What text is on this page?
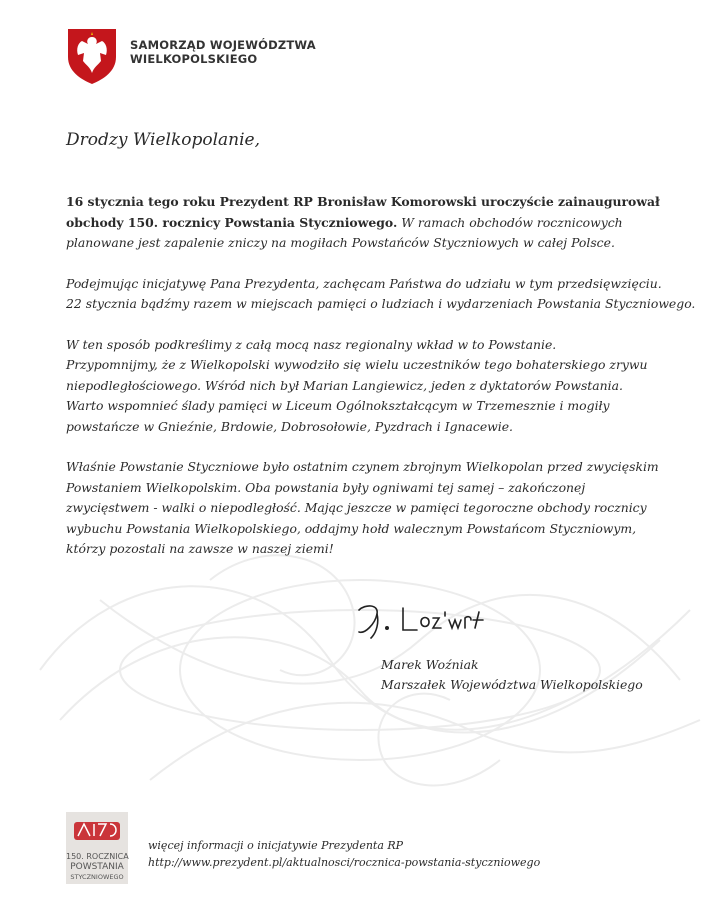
SAMORZĄD WOJEWÓDZTWA
WIELKOPOLSKIEGO
Drodzy Wielkopolanie,

16 stycznia tego roku Prezydent RP Bronisław Komorowski uroczyście zainaugurował
obchody 150. rocznicy Powstania Styczniowego. W ramach obchodów rocznicowych
planowane jest zapalenie zniczy na mogiłach Powstańców Styczniowych w całej Polsce.

Podejmując inicjatywę Pana Prezydenta, zachęcam Państwa do udziału w tym przedsięwzięciu.
22 stycznia bądźmy razem w miejscach pamięci o ludziach i wydarzeniach Powstania Styczniowego.

W ten sposób podkreślimy z całą mocą nasz regionalny wkład w to Powstanie.
Przypomnijmy, że z Wielkopolski wywodziło się wielu uczestników tego bohaterskiego zrywu
niepodległościowego. Wśród nich był Marian Langiewicz, jeden z dyktatorów Powstania.
Warto wspomnieć ślady pamięci w Liceum Ogólnokształcącym w Trzemesznie i mogiły
powstańcze w Gnieźnie, Brdowie, Dobrosołowie, Pyzdrach i Ignacewie.

Właśnie Powstanie Styczniowe było ostatnim czynem zbrojnym Wielkopolan przed zwycięskim
Powstaniem Wielkopolskim. Oba powstania były ogniwami tej samej – zakończonej
zwycięstwem - walki o niepodległość. Mając jeszcze w pamięci tegoroczne obchody rocznicy
wybuchu Powstania Wielkopolskiego, oddajmy hołd walecznym Powstańcom Styczniowym,
którzy pozostali na zawsze w naszej ziemi!

Marek Woźniak
Marszałek Województwa Wielkopolskiego
150. ROCZNICA
POWSTANIA
STYCZNIOWEGO
więcej informacji o inicjatywie Prezydenta RP
http://www.prezydent.pl/aktualnosci/rocznica-powstania-styczniowego
